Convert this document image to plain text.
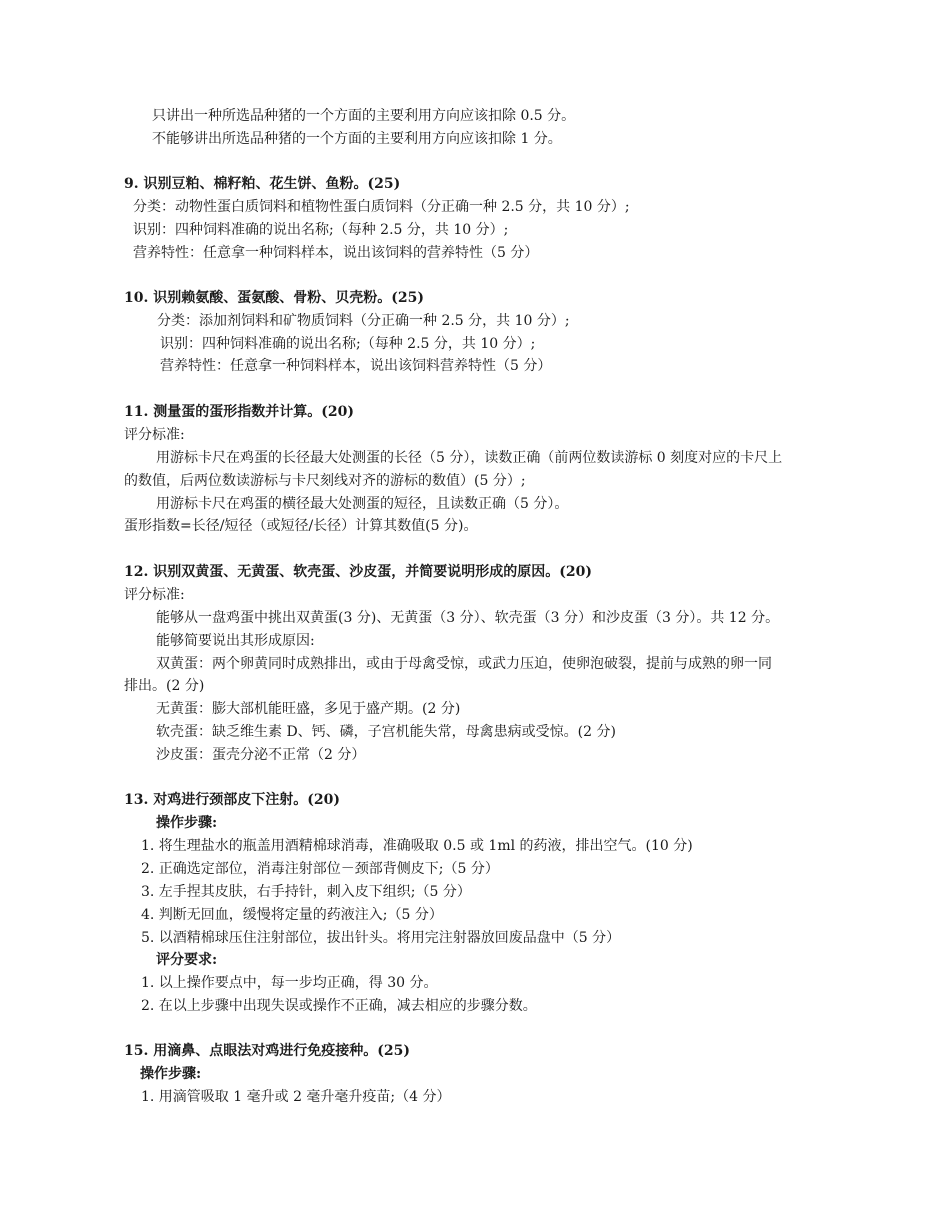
只讲出一种所选品种猪的一个方面的主要利用方向应该扣除 0.5 分。
不能够讲出所选品种猪的一个方面的主要利用方向应该扣除 1 分。
9. 识别豆粕、棉籽粕、花生饼、鱼粉。(25)
分类：动物性蛋白质饲料和植物性蛋白质饲料（分正确一种 2.5 分，共 10 分）;
识别：四种饲料准确的说出名称;（每种 2.5 分，共 10 分）;
营养特性：任意拿一种饲料样本，说出该饲料的营养特性（5 分）
10. 识别赖氨酸、蛋氨酸、骨粉、贝壳粉。(25)
分类：添加剂饲料和矿物质饲料（分正确一种 2.5 分，共 10 分）;
识别：四种饲料准确的说出名称;（每种 2.5 分，共 10 分）;
营养特性：任意拿一种饲料样本，说出该饲料营养特性（5 分）
11. 测量蛋的蛋形指数并计算。(20)
评分标准:
用游标卡尺在鸡蛋的长径最大处测蛋的长径（5 分），读数正确（前两位数读游标 0 刻度对应的卡尺上
的数值，后两位数读游标与卡尺刻线对齐的游标的数值）(5 分）;
用游标卡尺在鸡蛋的横径最大处测蛋的短径，且读数正确（5 分）。
蛋形指数=长径/短径（或短径/长径）计算其数值(5 分)。
12. 识别双黄蛋、无黄蛋、软壳蛋、沙皮蛋，并简要说明形成的原因。(20)
评分标准:
能够从一盘鸡蛋中挑出双黄蛋(3 分)、无黄蛋（3 分）、软壳蛋（3 分）和沙皮蛋（3 分）。共 12 分。
能够简要说出其形成原因:
双黄蛋：两个卵黄同时成熟排出，或由于母禽受惊，或武力压迫，使卵泡破裂，提前与成熟的卵一同
排出。(2 分)
无黄蛋：膨大部机能旺盛，多见于盛产期。(2 分)
软壳蛋：缺乏维生素 D、钙、磷，子宫机能失常，母禽患病或受惊。(2 分)
沙皮蛋：蛋壳分泌不正常（2 分）
13. 对鸡进行颈部皮下注射。(20)
操作步骤:
1. 将生理盐水的瓶盖用酒精棉球消毒，准确吸取 0.5 或 1ml 的药液，排出空气。(10 分)
2. 正确选定部位，消毒注射部位－颈部背侧皮下;（5 分）
3. 左手捏其皮肤，右手持针，刺入皮下组织;（5 分）
4. 判断无回血，缓慢将定量的药液注入;（5 分）
5. 以酒精棉球压住注射部位，拔出针头。将用完注射器放回废品盘中（5 分）
评分要求:
1. 以上操作要点中，每一步均正确，得 30 分。
2. 在以上步骤中出现失误或操作不正确，减去相应的步骤分数。
15. 用滴鼻、点眼法对鸡进行免疫接种。(25)
操作步骤:
1. 用滴管吸取 1 毫升或 2 毫升毫升疫苗;（4 分）
